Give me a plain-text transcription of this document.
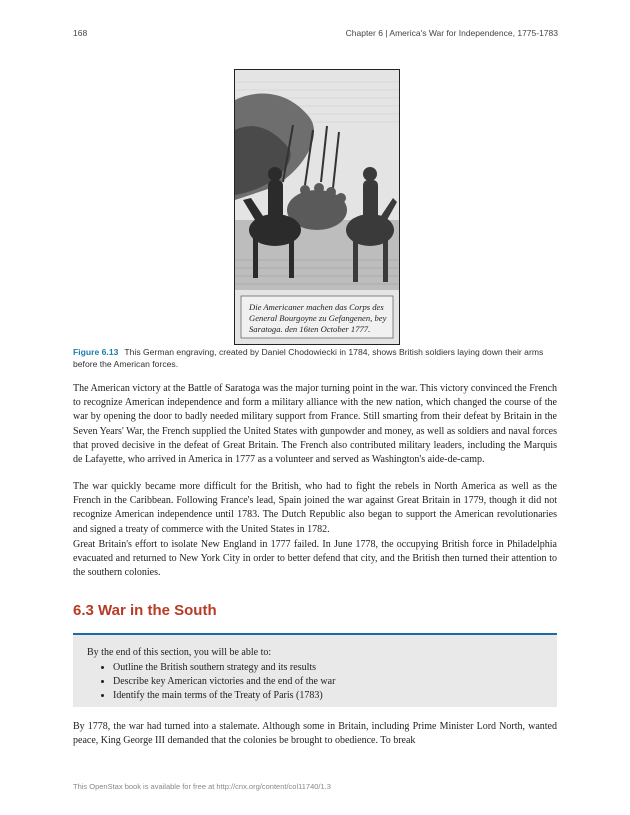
168	Chapter 6 | America's War for Independence, 1775-1783
Die Americaner machen das Corps des
General Bourgoyne zu Gefangenen, bey
Saratoga. den 16ten October 1777.
Figure 6.13 This German engraving, created by Daniel Chodowiecki in 1784, shows British soldiers laying down their arms before the American forces.

The American victory at the Battle of Saratoga was the major turning point in the war. This victory convinced the French to recognize American independence and form a military alliance with the new nation, which changed the course of the war by opening the door to badly needed military support from France. Still smarting from their defeat by Britain in the Seven Years' War, the French supplied the United States with gunpowder and money, as well as soldiers and naval forces that proved decisive in the defeat of Great Britain. The French also contributed military leaders, including the Marquis de Lafayette, who arrived in America in 1777 as a volunteer and served as Washington's aide-de-camp.

The war quickly became more difficult for the British, who had to fight the rebels in North America as well as the French in the Caribbean. Following France's lead, Spain joined the war against Great Britain in 1779, though it did not recognize American independence until 1783. The Dutch Republic also began to support the American revolutionaries and signed a treaty of commerce with the United States in 1782.

Great Britain's effort to isolate New England in 1777 failed. In June 1778, the occupying British force in Philadelphia evacuated and returned to New York City in order to better defend that city, and the British then turned their attention to the southern colonies.

6.3 War in the South
By the end of this section, you will be able to:
• Outline the British southern strategy and its results
• Describe key American victories and the end of the war
• Identify the main terms of the Treaty of Paris (1783)

By 1778, the war had turned into a stalemate. Although some in Britain, including Prime Minister Lord North, wanted peace, King George III demanded that the colonies be brought to obedience. To break

This OpenStax book is available for free at http://cnx.org/content/col11740/1.3
